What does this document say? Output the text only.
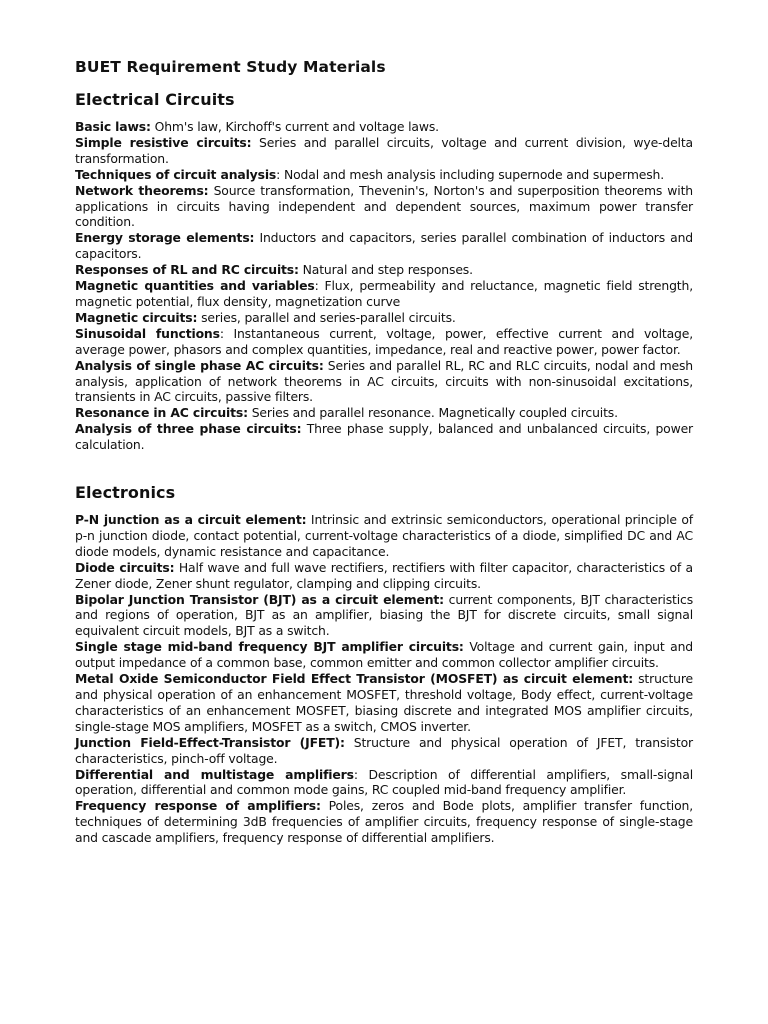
BUET Requirement Study Materials
Electrical Circuits

Basic laws: Ohm's law, Kirchoff's current and voltage laws.

Simple resistive circuits: Series and parallel circuits, voltage and current division, wye-delta transformation.

Techniques of circuit analysis: Nodal and mesh analysis including supernode and supermesh.

Network theorems: Source transformation, Thevenin's, Norton's and superposition theorems with applications in circuits having independent and dependent sources, maximum power transfer condition.

Energy storage elements: Inductors and capacitors, series parallel combination of inductors and capacitors.

Responses of RL and RC circuits: Natural and step responses.

Magnetic quantities and variables: Flux, permeability and reluctance, magnetic field strength, magnetic potential, flux density, magnetization curve

Magnetic circuits: series, parallel and series-parallel circuits.

Sinusoidal functions: Instantaneous current, voltage, power, effective current and voltage, average power, phasors and complex quantities, impedance, real and reactive power, power factor.

Analysis of single phase AC circuits: Series and parallel RL, RC and RLC circuits, nodal and mesh analysis, application of network theorems in AC circuits, circuits with non-sinusoidal excitations, transients in AC circuits, passive filters.

Resonance in AC circuits: Series and parallel resonance. Magnetically coupled circuits.

Analysis of three phase circuits: Three phase supply, balanced and unbalanced circuits, power calculation.

Electronics

P-N junction as a circuit element: Intrinsic and extrinsic semiconductors, operational principle of p-n junction diode, contact potential, current-voltage characteristics of a diode, simplified DC and AC diode models, dynamic resistance and capacitance.

Diode circuits: Half wave and full wave rectifiers, rectifiers with filter capacitor, characteristics of a Zener diode, Zener shunt regulator, clamping and clipping circuits.

Bipolar Junction Transistor (BJT) as a circuit element: current components, BJT characteristics and regions of operation, BJT as an amplifier, biasing the BJT for discrete circuits, small signal equivalent circuit models, BJT as a switch.

Single stage mid-band frequency BJT amplifier circuits: Voltage and current gain, input and output impedance of a common base, common emitter and common collector amplifier circuits.

Metal Oxide Semiconductor Field Effect Transistor (MOSFET) as circuit element: structure and physical operation of an enhancement MOSFET, threshold voltage, Body effect, current-voltage characteristics of an enhancement MOSFET, biasing discrete and integrated MOS amplifier circuits, single-stage MOS amplifiers, MOSFET as a switch, CMOS inverter.

Junction Field-Effect-Transistor (JFET): Structure and physical operation of JFET, transistor characteristics, pinch-off voltage.

Differential and multistage amplifiers: Description of differential amplifiers, small-signal operation, differential and common mode gains, RC coupled mid-band frequency amplifier.

Frequency response of amplifiers: Poles, zeros and Bode plots, amplifier transfer function, techniques of determining 3dB frequencies of amplifier circuits, frequency response of single-stage and cascade amplifiers, frequency response of differential amplifiers.
